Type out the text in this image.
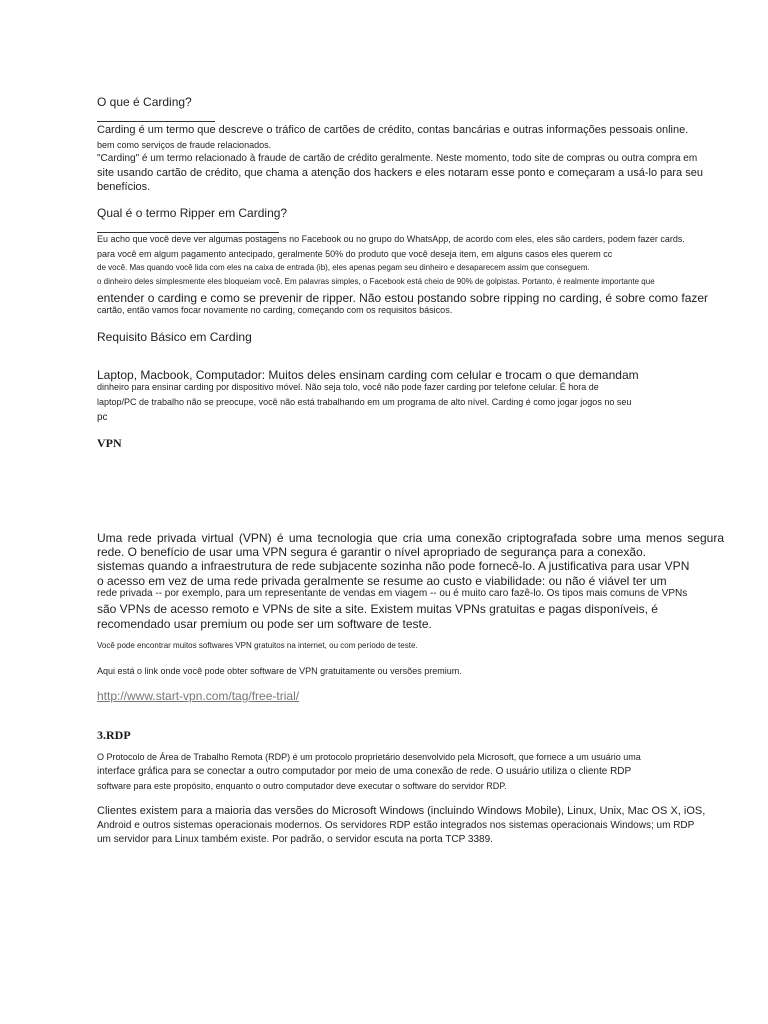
O que é Carding?
Carding é um termo que descreve o tráfico de cartões de crédito, contas bancárias e outras informações pessoais online.
bem como serviços de fraude relacionados.
"Carding" é um termo relacionado à fraude de cartão de crédito geralmente. Neste momento, todo site de compras ou outra compra em
site usando cartão de crédito, que chama a atenção dos hackers e eles notaram esse ponto e começaram a usá-lo para seu
benefícios.
Qual é o termo Ripper em Carding?
Eu acho que você deve ver algumas postagens no Facebook ou no grupo do WhatsApp, de acordo com eles, eles são carders, podem fazer cards.
para você em algum pagamento antecipado, geralmente 50% do produto que você deseja item, em alguns casos eles querem cc
de você. Mas quando você lida com eles na caixa de entrada (ib), eles apenas pegam seu dinheiro e desaparecem assim que conseguem.
o dinheiro deles simplesmente eles bloqueiam você. Em palavras simples, o Facebook está cheio de 90% de golpistas. Portanto, é realmente importante que
entender o carding e como se prevenir de ripper. Não estou postando sobre ripping no carding, é sobre como fazer
cartão, então vamos focar novamente no carding, começando com os requisitos básicos.
Requisito Básico em Carding
Laptop, Macbook, Computador: Muitos deles ensinam carding com celular e trocam o que demandam
dinheiro para ensinar carding por dispositivo móvel. Não seja tolo, você não pode fazer carding por telefone celular. É hora de
laptop/PC de trabalho não se preocupe, você não está trabalhando em um programa de alto nível. Carding é como jogar jogos no seu
pc
VPN
Uma rede privada virtual (VPN) é uma tecnologia que cria uma conexão criptografada sobre uma menos segura
rede. O benefício de usar uma VPN segura é garantir o nível apropriado de segurança para a conexão.
sistemas quando a infraestrutura de rede subjacente sozinha não pode fornecê-lo. A justificativa para usar VPN
o acesso em vez de uma rede privada geralmente se resume ao custo e viabilidade: ou não é viável ter um
rede privada -- por exemplo, para um representante de vendas em viagem -- ou é muito caro fazê-lo. Os tipos mais comuns de VPNs
são VPNs de acesso remoto e VPNs de site a site. Existem muitas VPNs gratuitas e pagas disponíveis, é
recomendado usar premium ou pode ser um software de teste.
Você pode encontrar muitos softwares VPN gratuitos na internet, ou com período de teste.
Aqui está o link onde você pode obter software de VPN gratuitamente ou versões premium.
http://www.start-vpn.com/tag/free-trial/
3.RDP
O Protocolo de Área de Trabalho Remota (RDP) é um protocolo proprietário desenvolvido pela Microsoft, que fornece a um usuário uma
interface gráfica para se conectar a outro computador por meio de uma conexão de rede. O usuário utiliza o cliente RDP
software para este propósito, enquanto o outro computador deve executar o software do servidor RDP.
Clientes existem para a maioria das versões do Microsoft Windows (incluindo Windows Mobile), Linux, Unix, Mac OS X, iOS,
Android e outros sistemas operacionais modernos. Os servidores RDP estão integrados nos sistemas operacionais Windows; um RDP
um servidor para Linux também existe. Por padrão, o servidor escuta na porta TCP 3389.
